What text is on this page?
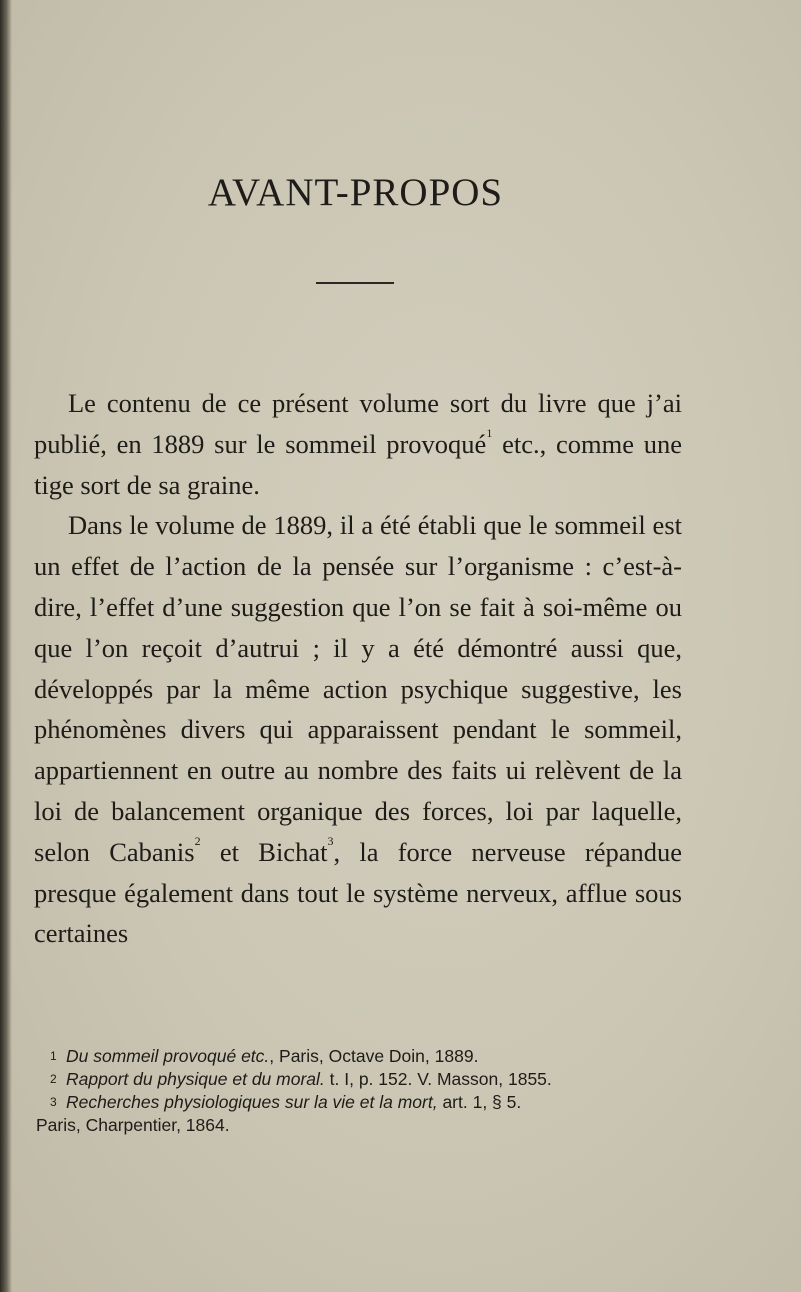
AVANT-PROPOS

Le contenu de ce présent volume sort du livre que j’ai publié, en 1889 sur le sommeil provoqué$^1$ etc., comme une tige sort de sa graine.

Dans le volume de 1889, il a été établi que le sommeil est un effet de l’action de la pensée sur l’organisme : c’est-à-dire, l’effet d’une suggestion que l’on se fait à soi-même ou que l’on reçoit d’autrui ; il y a été démontré aussi que, développés par la même action psychique suggestive, les phénomènes divers qui apparaissent pendant le sommeil, appartiennent en outre au nombre des faits ui relèvent de la loi de balancement organique des forces, loi par laquelle, selon Cabanis$^2$ et Bichat$^3$, la force nerveuse répandue presque également dans tout le système nerveux, afflue sous certaines

1 Du sommeil provoqué etc., Paris, Octave Doin, 1889.

2 Rapport du physique et du moral. t. I, p. 152. V. Masson, 1855.

3 Recherches physiologiques sur la vie et la mort, art. 1, § 5.

Paris, Charpentier, 1864.
